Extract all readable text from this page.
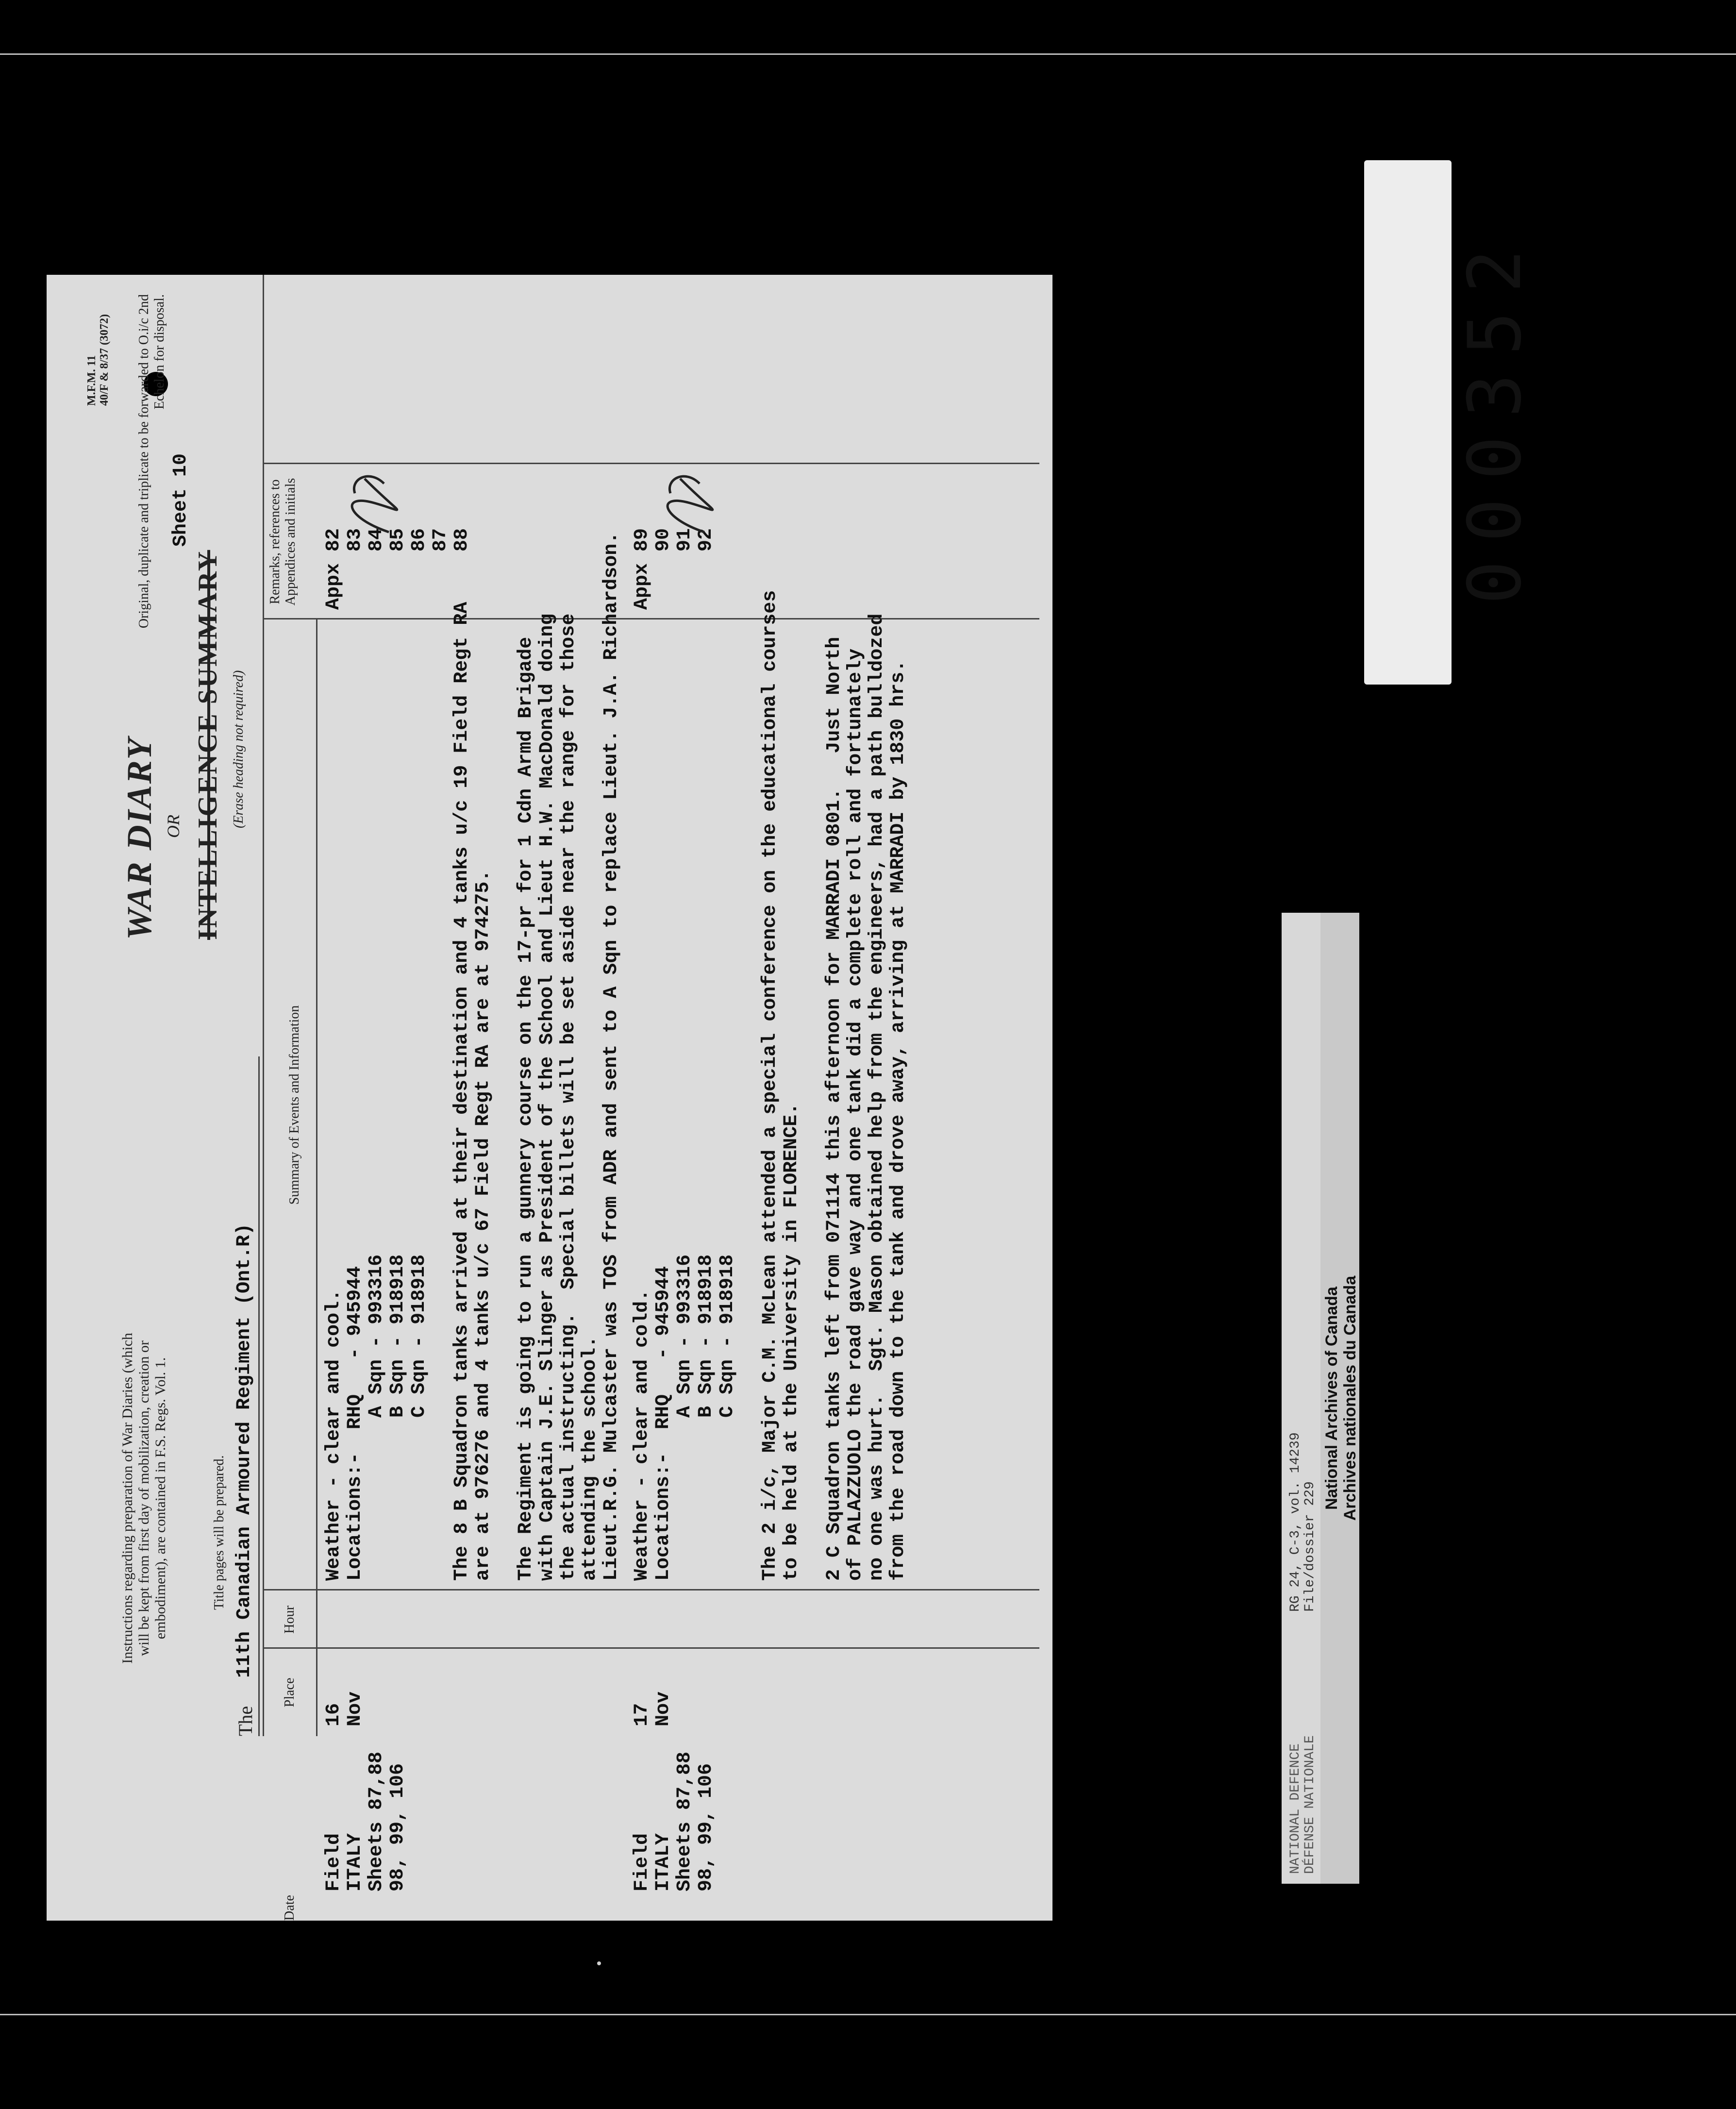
Instructions regarding preparation of War Diaries (which will be kept from first day of mobilization, creation or embodiment), are contained in F.S. Regs. Vol. 1.	Title pages will be prepared.
The
11th Canadian Armoured Regiment (Ont.R)
WAR DIARY OR
Sheet 10
INTELLIGENCE SUMMARY (Erase heading not required)
M.F.M. 11
40/F & 8/37 (3072) Original, duplicate and triplicate to be forwarded to O.i/c 2nd Echelon for disposal.
Place
Date
Hour
Summary of Events and Information
Remarks, references to Appendices and initials
Field
ITALY
Sheets 87,88
98, 99, 106
16
Nov
Weather - clear and cool.
Locations:-  RHQ   - 945944
A Sqn - 993316
B Sqn - 918918
C Sqn - 918918

The 8 B Squadron tanks arrived at their destination and 4 tanks u/c 19 Field Regt RA
are at 976276 and 4 tanks u/c 67 Field Regt RA are at 974275.

The Regiment is going to run a gunnery course on the 17-pr for 1 Cdn Armd Brigade
with Captain J.E. Slinger as President of the School and Lieut H.W. MacDonald doing
the actual instructing.  Special billets will be set aside near the range for those
attending the school.
Lieut.R.G. Mulcaster was TOS from ADR and sent to A Sqn to replace Lieut. J.A. Richardson.
Appx 82
83
84
85
86
87
88
Field
ITALY
Sheets 87,88
98, 99, 106
17
Nov
Weather - clear and cold.
Locations:-  RHQ   - 945944
A Sqn - 993316
B Sqn - 918918
C Sqn - 918918

The 2 i/c, Major C.M. McLean attended a special conference on the educational courses
to be held at the University in FLORENCE.

2 C Squadron tanks left from 071114 this afternoon for MARRADI 0801.   Just North
of PALAZZUOLO the road gave way and one tank did a complete roll and fortunately
no one was hurt.  Sgt. Mason obtained help from the engineers, had a path bulldozed
from the road down to the tank and drove away, arriving at MARRADI by 1830 hrs.
Appx 89
90
91
92
NATIONAL DEFENCE
DÉFENSE NATIONALE
RG 24, C-3, vol. 14239
File/dossier 229 National Archives of Canada Archives nationales du Canada
000352
